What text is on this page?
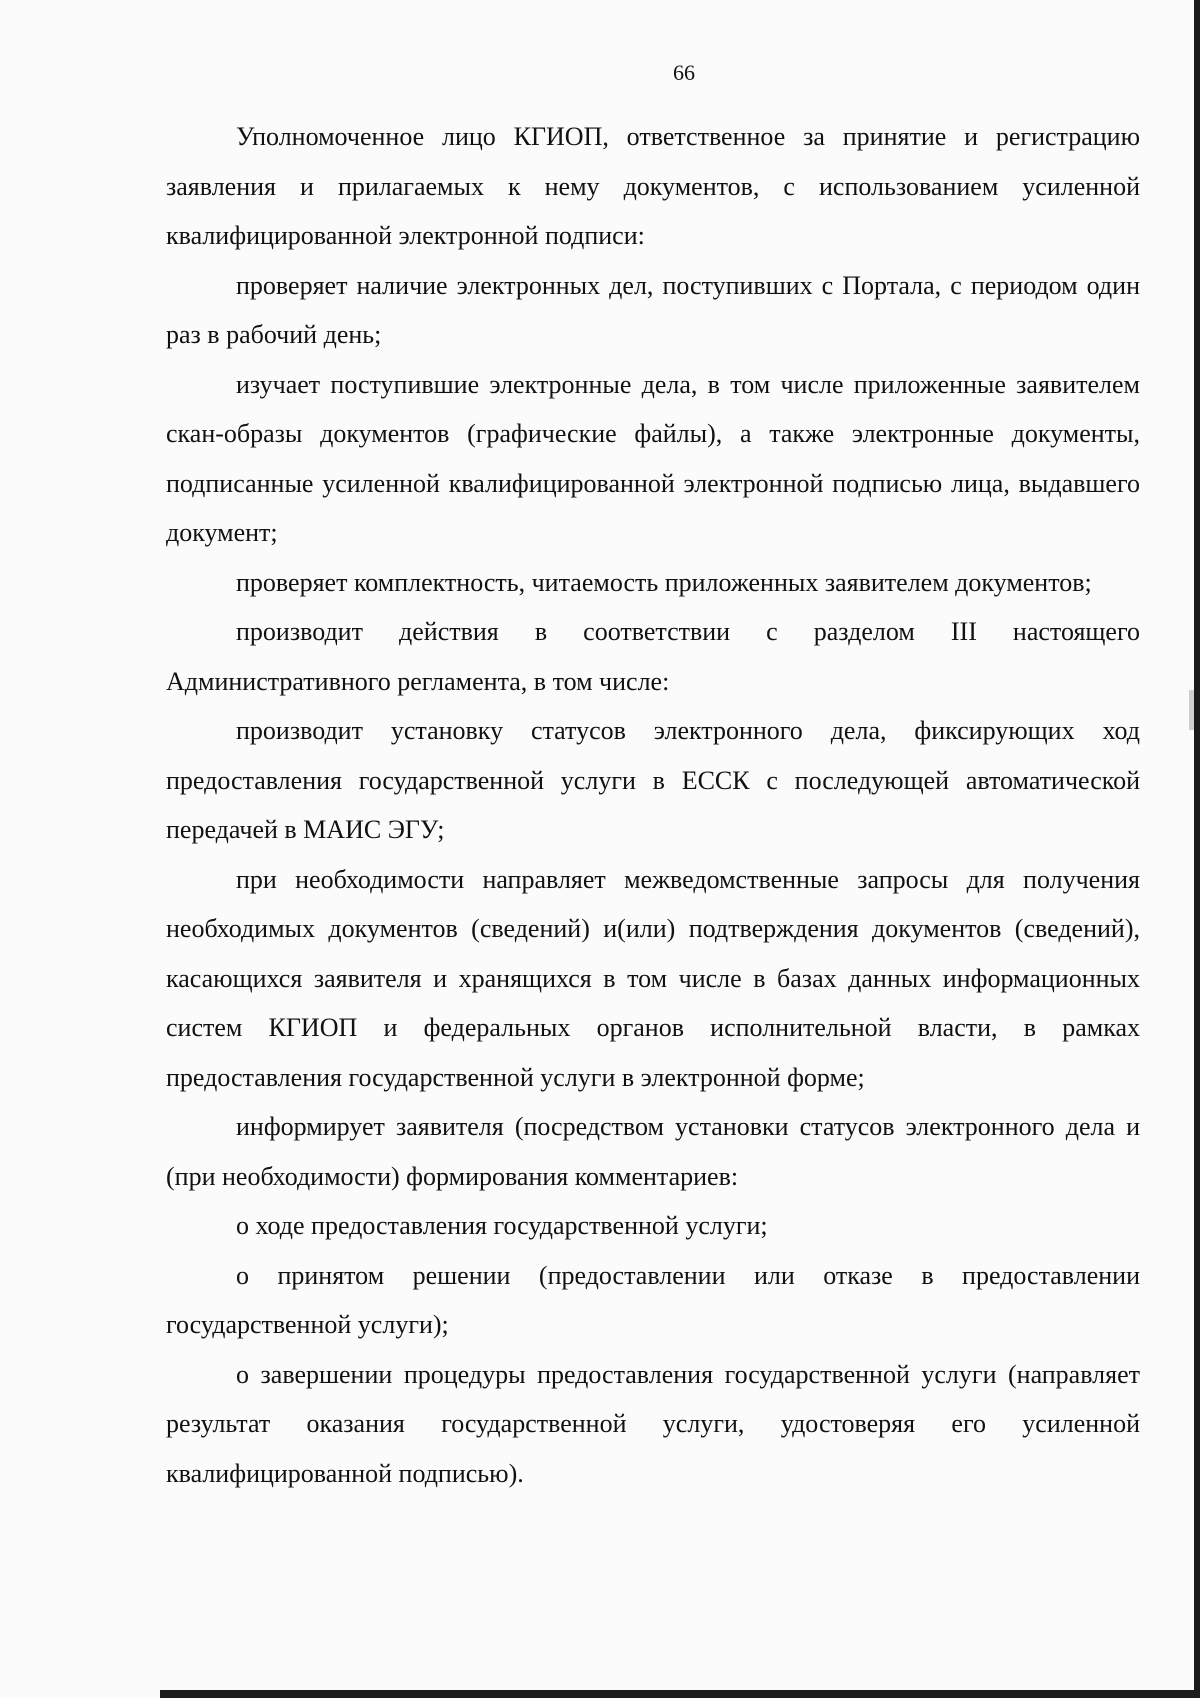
66

Уполномоченное лицо КГИОП, ответственное за принятие и регистрацию заявления и прилагаемых к нему документов, с использованием усиленной квалифицированной электронной подписи:

проверяет наличие электронных дел, поступивших с Портала, с периодом один раз в рабочий день;

изучает поступившие электронные дела, в том числе приложенные заявителем скан-образы документов (графические файлы), а также электронные документы, подписанные усиленной квалифицированной электронной подписью лица, выдавшего документ;

проверяет комплектность, читаемость приложенных заявителем документов;

производит действия в соответствии с разделом III настоящего Административного регламента, в том числе:

производит установку статусов электронного дела, фиксирующих ход предоставления государственной услуги в ЕССК с последующей автоматической передачей в МАИС ЭГУ;

при необходимости направляет межведомственные запросы для получения необходимых документов (сведений) и(или) подтверждения документов (сведений), касающихся заявителя и хранящихся в том числе в базах данных информационных систем КГИОП и федеральных органов исполнительной власти, в рамках предоставления государственной услуги в электронной форме;

информирует заявителя (посредством установки статусов электронного дела и (при необходимости) формирования комментариев:

о ходе предоставления государственной услуги;

о принятом решении (предоставлении или отказе в предоставлении государственной услуги);

о завершении процедуры предоставления государственной услуги (направляет результат оказания государственной услуги, удостоверяя его усиленной квалифицированной подписью).
